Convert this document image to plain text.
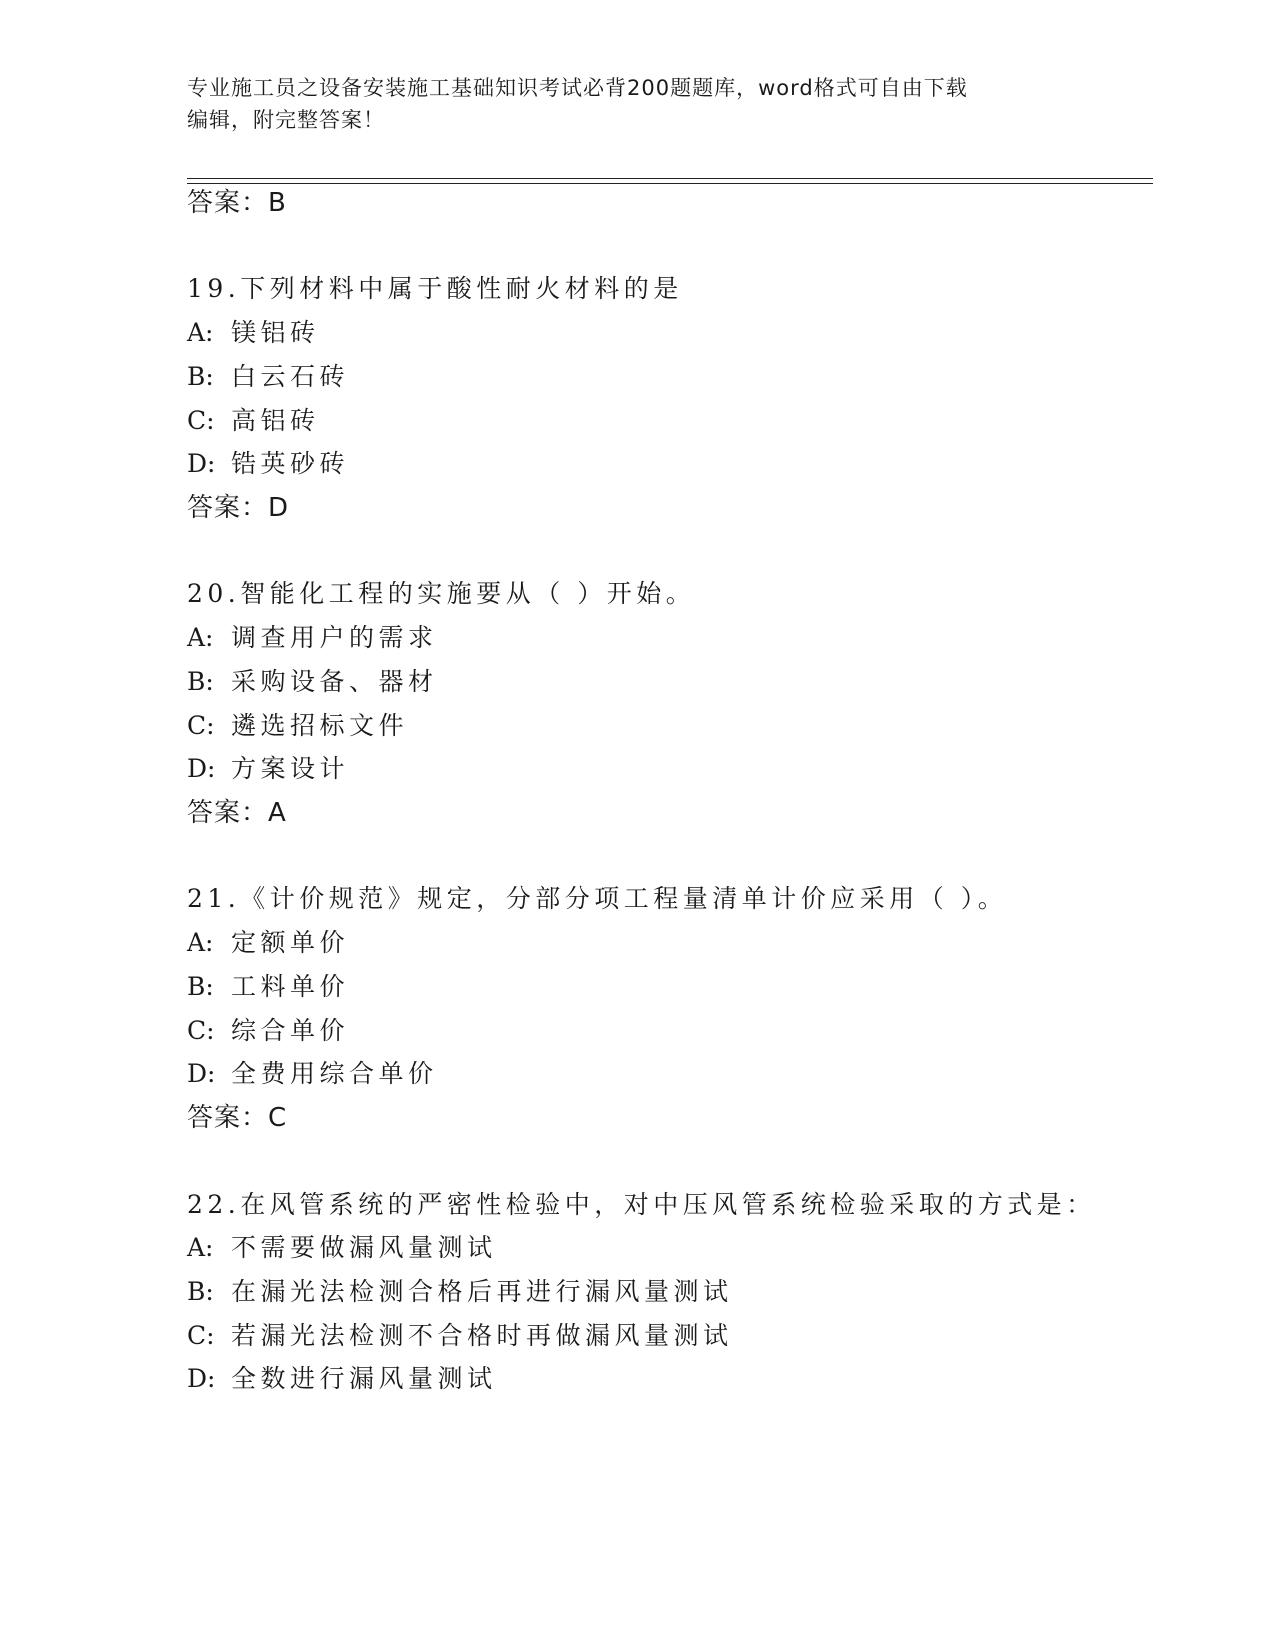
专业施工员之设备安装施工基础知识考试必背200题题库，word格式可自由下载
编辑，附完整答案！
答案：B
19.下列材料中属于酸性耐火材料的是
A: 镁铝砖
B: 白云石砖
C: 高铝砖
D: 锆英砂砖
答案：D
20.智能化工程的实施要从（ ）开始。
A: 调查用户的需求
B: 采购设备、器材
C: 遴选招标文件
D: 方案设计
答案：A
21.《计价规范》规定，分部分项工程量清单计价应采用（ ）。
A: 定额单价
B: 工料单价
C: 综合单价
D: 全费用综合单价
答案：C
22.在风管系统的严密性检验中，对中压风管系统检验采取的方式是：
A: 不需要做漏风量测试
B: 在漏光法检测合格后再进行漏风量测试
C: 若漏光法检测不合格时再做漏风量测试
D: 全数进行漏风量测试
